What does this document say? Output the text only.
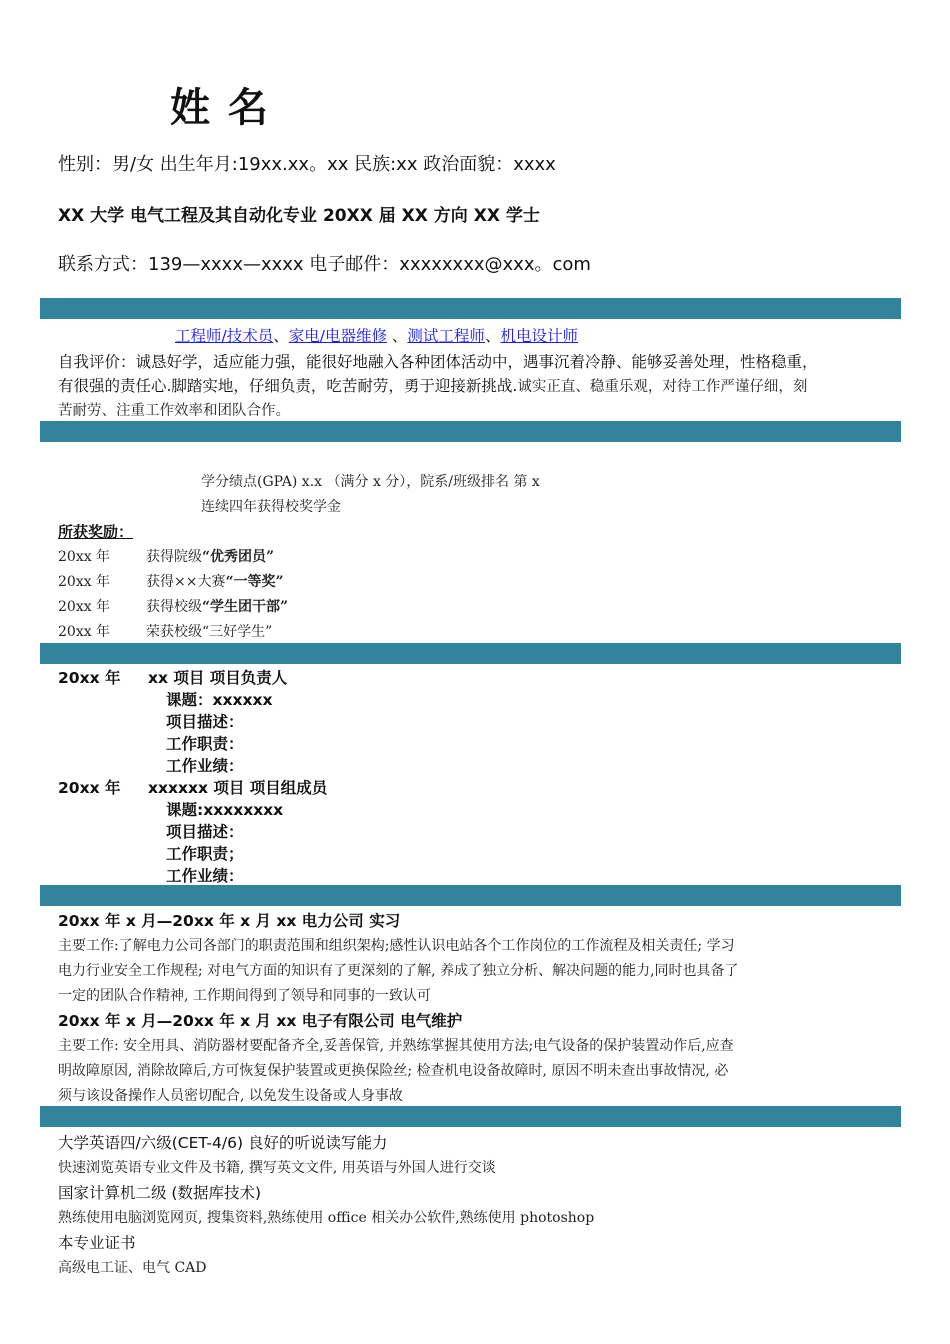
姓 名
性别：男/女 出生年月:19xx.xx。xx 民族:xx 政治面貌：xxxx
XX 大学 电气工程及其自动化专业 20XX 届 XX 方向 XX 学士
联系方式：139—xxxx—xxxx 电子邮件：xxxxxxxx@xxx。com
工程师/技术员、家电/电器维修 、测试工程师、机电设计师
自我评价：诚恳好学，适应能力强，能很好地融入各种团体活动中，遇事沉着冷静、能够妥善处理，性格稳重，
有很强的责任心.脚踏实地，仔细负责，吃苦耐劳，勇于迎接新挑战.诚实正直、稳重乐观，对待工作严谨仔细，刻
苦耐劳、注重工作效率和团队合作。
学分绩点(GPA) x.x （满分 x 分），院系/班级排名 第 x
连续四年获得校奖学金
所获奖励：
20xx 年	获得院级“优秀团员”
20xx 年	获得××大赛“一等奖”
20xx 年	获得校级“学生团干部”
20xx 年	荣获校级“三好学生”
20xx 年 xx 项目 项目负责人
课题：xxxxxx
项目描述：
工作职责：
工作业绩：
20xx 年 xxxxxx 项目 项目组成员
课题:xxxxxxxx
项目描述：
工作职责；
工作业绩：
20xx 年 x 月—20xx 年 x 月 xx 电力公司 实习
主要工作:了解电力公司各部门的职责范围和组织架构;感性认识电站各个工作岗位的工作流程及相关责任; 学习
电力行业安全工作规程; 对电气方面的知识有了更深刻的了解, 养成了独立分析、解决问题的能力,同时也具备了
一定的团队合作精神, 工作期间得到了领导和同事的一致认可
20xx 年 x 月—20xx 年 x 月 xx 电子有限公司 电气维护
主要工作: 安全用具、消防器材要配备齐全,妥善保管, 并熟练掌握其使用方法;电气设备的保护装置动作后,应查
明故障原因, 消除故障后,方可恢复保护装置或更换保险丝; 检查机电设备故障时, 原因不明未查出事故情况, 必
须与该设备操作人员密切配合, 以免发生设备或人身事故
大学英语四/六级(CET-4/6) 良好的听说读写能力
快速浏览英语专业文件及书籍, 撰写英文文件, 用英语与外国人进行交谈
国家计算机二级 (数据库技术)
熟练使用电脑浏览网页, 搜集资料,熟练使用 office 相关办公软件,熟练使用 photoshop
本专业证书
高级电工证、电气 CAD
